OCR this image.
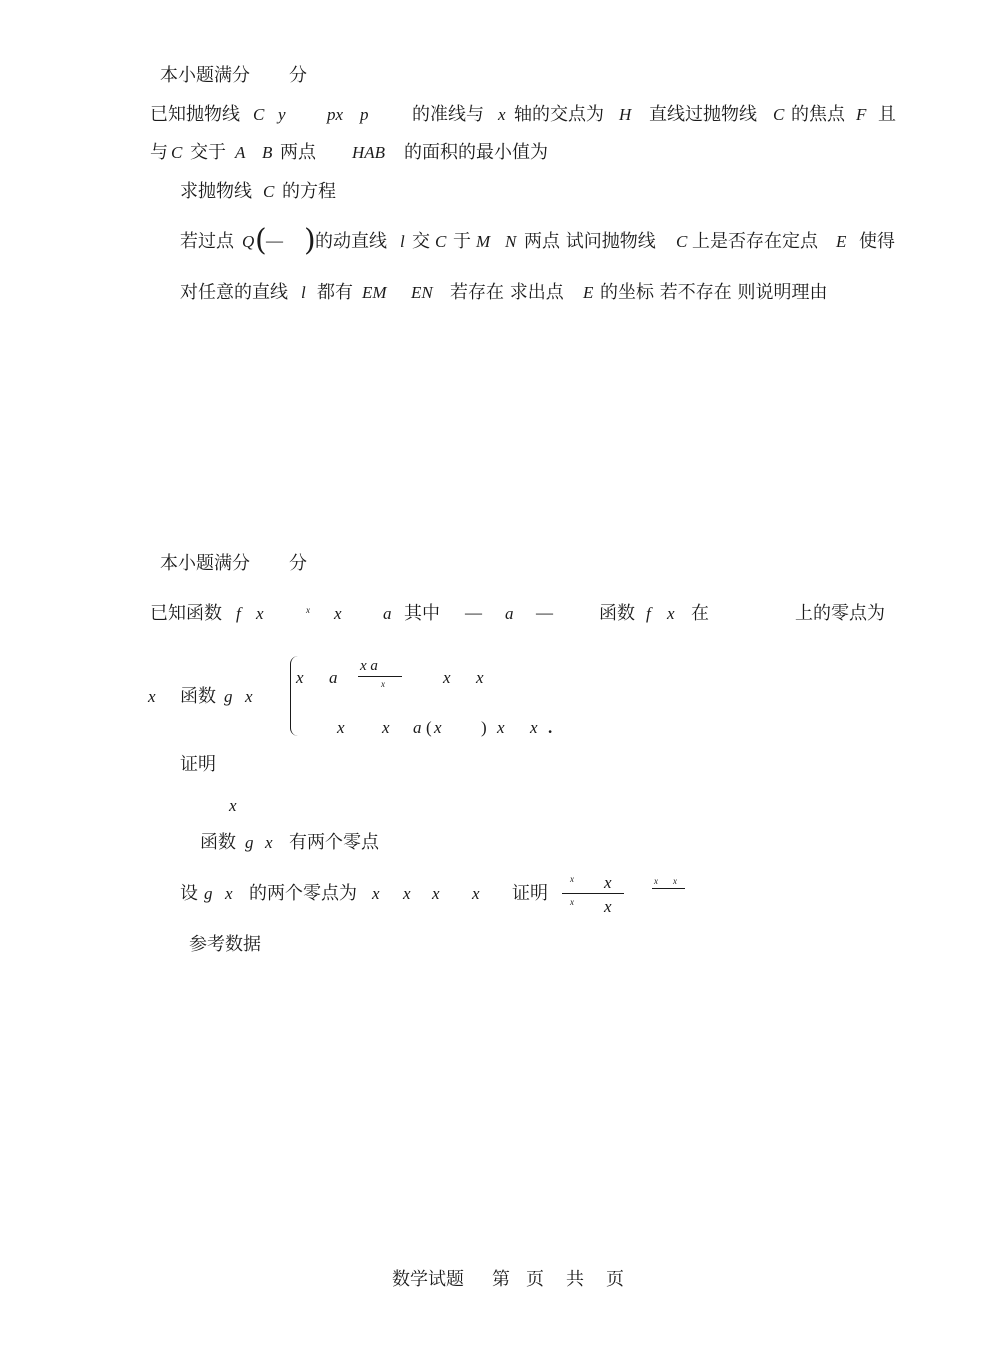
本小题满分 分
已知抛物线 C y px p 的准线与 x 轴的交点为 H 直线过抛物线 C 的焦点 F 且
与 C 交于 A B 两点 HAB 的面积的最小值为
求抛物线 C 的方程
若过点 Q ( — ) 的动直线 l 交 C 于 M N 两点 试问抛物线 C 上是否存在定点 E 使得
对任意的直线 l 都有 EM EN 若存在 求出点 E 的坐标 若不存在 则说明理由
本小题满分 分
已知函数 f x	x x a 其中 — a —	函数 f x 在	上的零点为
x 函数 g x
x a
x a
x	x x
x x a ( x ) x x .
证明
x
函数 g x 有两个零点
设 g x 的两个零点为 x x x x 证明
x x
x x
x x
参考数据
数学试题 第 页 共 页
